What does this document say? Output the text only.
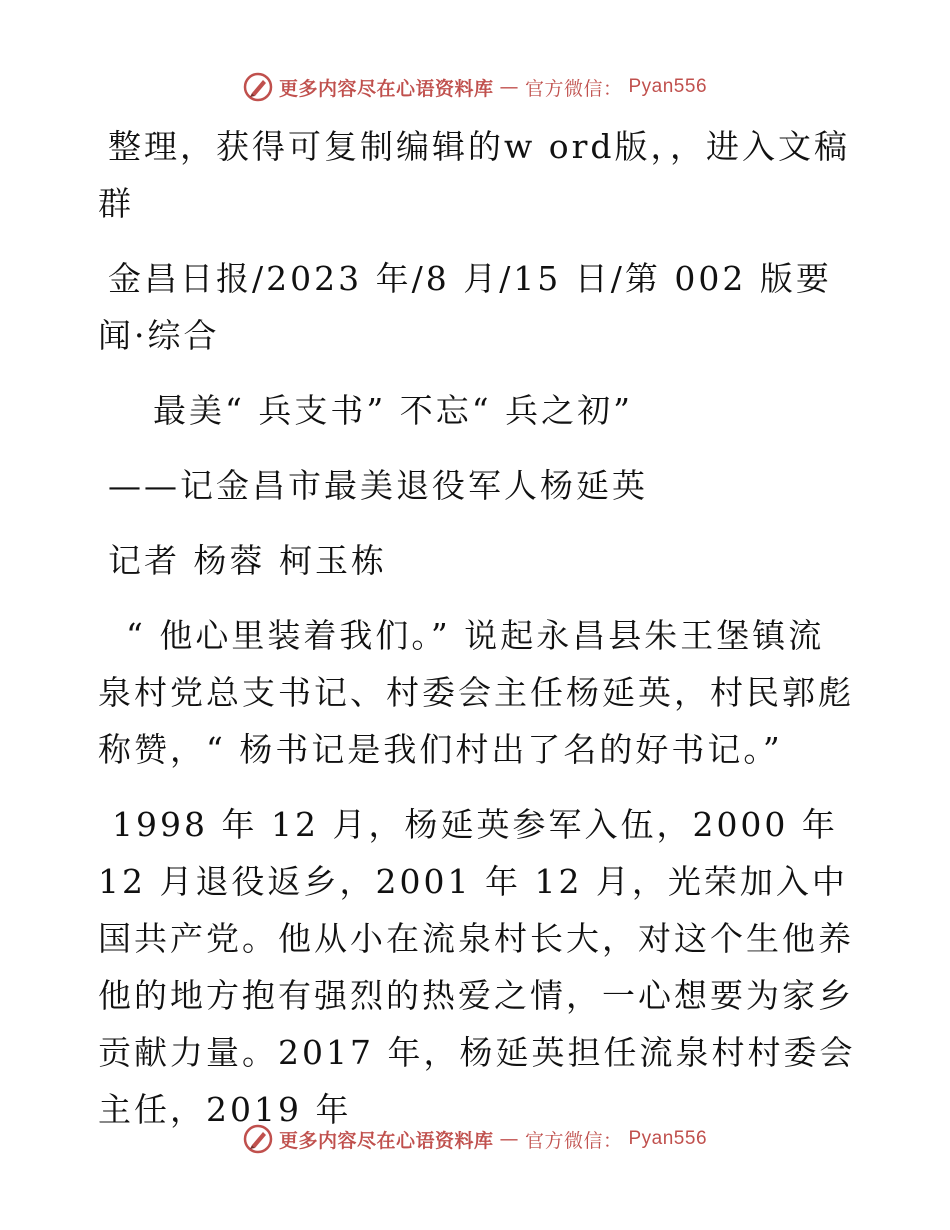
更多内容尽在心语资料库 — 官方微信： Pyan556

整理，获得可复制编辑的w ord版，，进入文稿群

金昌日报/2023 年/8 月/15 日/第 002 版要闻·综合

最美“ 兵支书” 不忘“ 兵之初”

——记金昌市最美退役军人杨延英

记者 杨蓉 柯玉栋

“ 他心里装着我们。” 说起永昌县朱王堡镇流泉村党总支书记、村委会主任杨延英，村民郭彪称赞，“ 杨书记是我们村出了名的好书记。”

1998 年 12 月，杨延英参军入伍，2000 年 12 月退役返乡，2001 年 12 月，光荣加入中国共产党。他从小在流泉村长大，对这个生他养他的地方抱有强烈的热爱之情，一心想要为家乡贡献力量。2017 年，杨延英担任流泉村村委会主任，2019 年

更多内容尽在心语资料库 — 官方微信： Pyan556
